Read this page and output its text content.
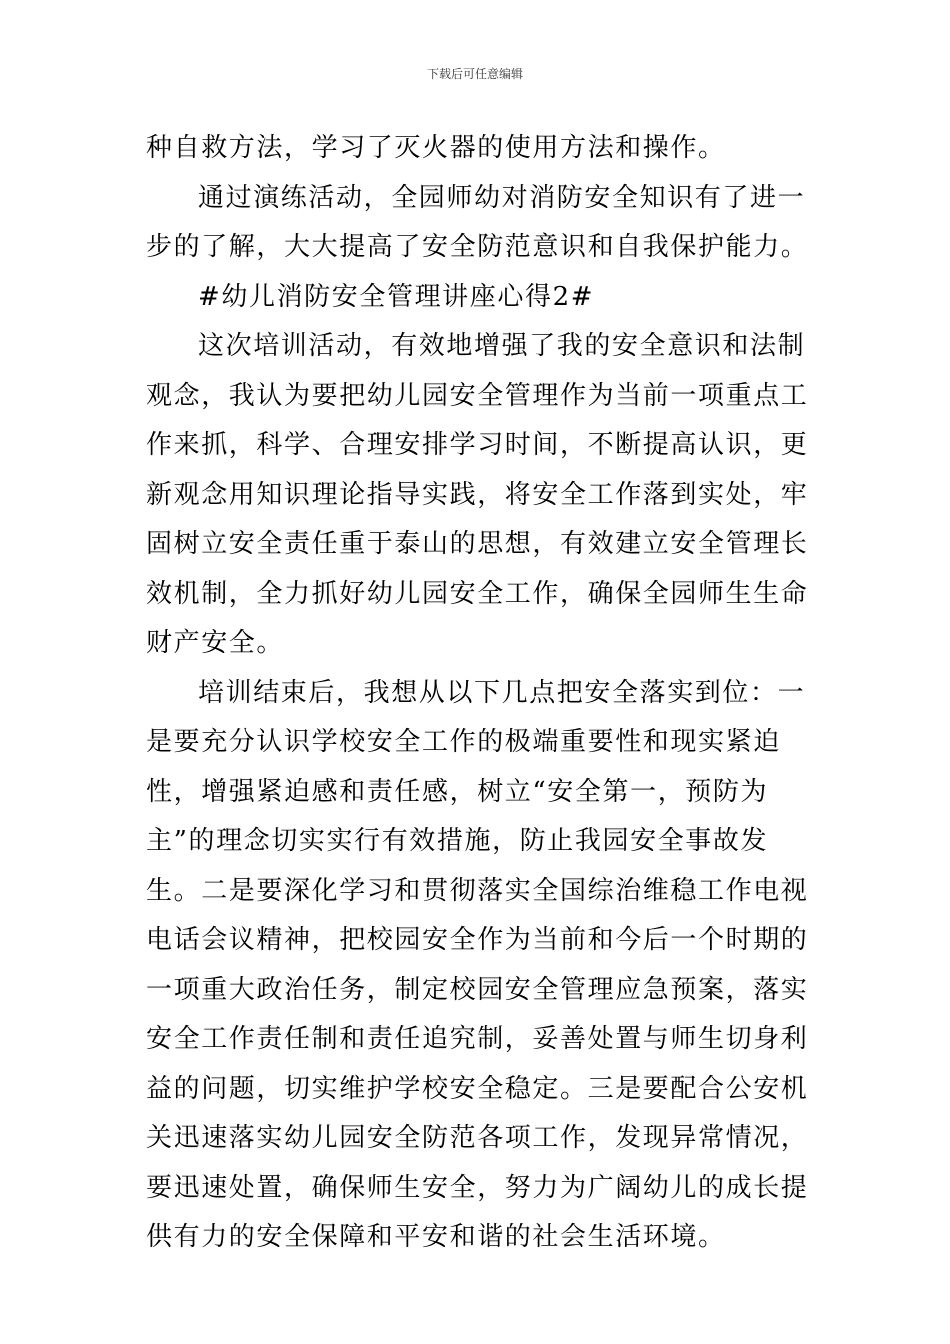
下载后可任意编辑

种自救方法，学习了灭火器的使用方法和操作。

通过演练活动，全园师幼对消防安全知识有了进一步的了解，大大提高了安全防范意识和自我保护能力。

#幼儿消防安全管理讲座心得2#

这次培训活动，有效地增强了我的安全意识和法制观念，我认为要把幼儿园安全管理作为当前一项重点工作来抓，科学、合理安排学习时间，不断提高认识，更新观念用知识理论指导实践，将安全工作落到实处，牢固树立安全责任重于泰山的思想，有效建立安全管理长效机制，全力抓好幼儿园安全工作，确保全园师生生命财产安全。

培训结束后，我想从以下几点把安全落实到位：一是要充分认识学校安全工作的极端重要性和现实紧迫性，增强紧迫感和责任感，树立“安全第一，预防为主”的理念切实实行有效措施，防止我园安全事故发生。二是要深化学习和贯彻落实全国综治维稳工作电视电话会议精神，把校园安全作为当前和今后一个时期的一项重大政治任务，制定校园安全管理应急预案，落实安全工作责任制和责任追究制，妥善处置与师生切身利益的问题，切实维护学校安全稳定。三是要配合公安机关迅速落实幼儿园安全防范各项工作，发现异常情况，要迅速处置，确保师生安全，努力为广阔幼儿的成长提供有力的安全保障和平安和谐的社会生活环境。
